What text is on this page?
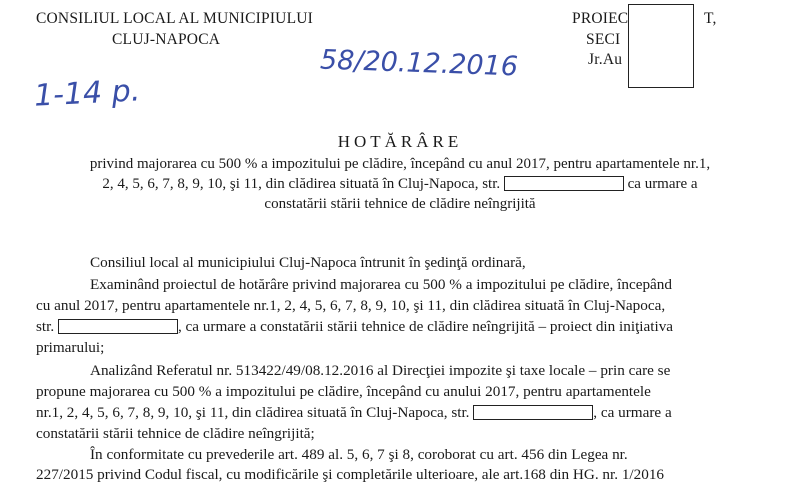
CONSILIUL LOCAL AL MUNICIPIULUI
CLUJ-NAPOCA
PROIEC	T,
SECI
Jr.Au
58/20.12.2016
1-14 p.
HOTĂRÂRE
privind majorarea cu 500 % a impozitului pe clădire, începând cu anul 2017, pentru apartamentele nr.1,
2, 4, 5, 6, 7, 8, 9, 10, şi 11, din clădirea situată în Cluj-Napoca, str.	ca urmare a
constatării stării tehnice de clădire neîngrijită
Consiliul local al municipiului Cluj-Napoca întrunit în şedinţă ordinară,
Examinând proiectul de hotărâre privind majorarea cu 500 % a impozitului pe clădire, începând
cu anul 2017, pentru apartamentele nr.1, 2, 4, 5, 6, 7, 8, 9, 10, şi 11, din clădirea situată în Cluj-Napoca,
str.	, ca urmare a constatării stării tehnice de clădire neîngrijită – proiect din iniţiativa
primarului;
Analizând Referatul nr. 513422/49/08.12.2016 al Direcţiei impozite şi taxe locale – prin care se
propune majorarea cu 500 % a impozitului pe clădire, începând cu anului 2017, pentru apartamentele
nr.1, 2, 4, 5, 6, 7, 8, 9, 10, şi 11, din clădirea situată în Cluj-Napoca, str.	, ca urmare a
constatării stării tehnice de clădire neîngrijită;
În conformitate cu prevederile art. 489 al. 5, 6, 7 şi 8, coroborat cu art. 456 din Legea nr.
227/2015 privind Codul fiscal, cu modificările şi completările ulterioare, ale art.168 din HG. nr. 1/2016
